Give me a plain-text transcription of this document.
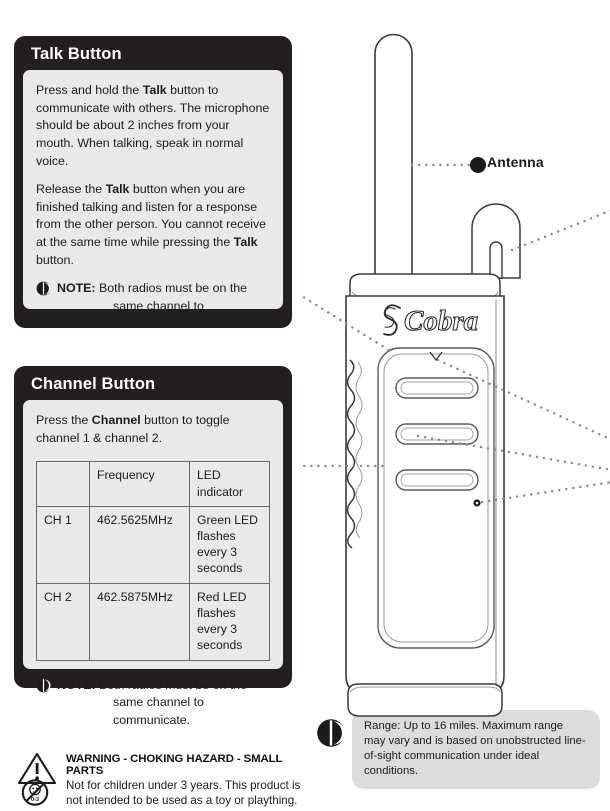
Talk Button

Press and hold the Talk button to communicate with others. The microphone should be about 2 inches from your mouth. When talking, speak in normal voice.

Release the Talk button when you are finished talking and listen for a response from the other person. You cannot receive at the same time while pressing the Talk button.

NOTE: Both radios must be on the
same channel to communicate.
Channel Button

Press the Channel button to toggle channel 1 & channel 2.

	Frequency	LED indicator
CH 1	462.5625MHz	Green LED flashes every 3 seconds
CH 2	462.5875MHz	Red LED flashes every 3 seconds
NOTE: Both radios must be on the
same channel to communicate.
0-3

WARNING - CHOKING HAZARD - SMALL PARTS

Not for children under 3 years. This product is not intended to be used as a toy or plaything.

Range: Up to 16 miles. Maximum range may vary and is based on unobstructed line-of-sight communication under ideal conditions.
Cobra
Antenna
